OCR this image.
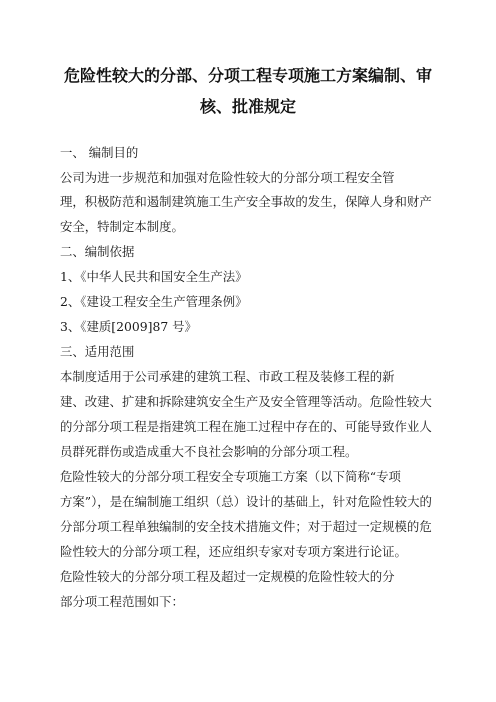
危险性较大的分部、分项工程专项施工方案编制、审
核、批准规定
一、 编制目的
公司为进一步规范和加强对危险性较大的分部分项工程安全管
理，积极防范和遏制建筑施工生产安全事故的发生，保障人身和财产
安全，特制定本制度。
二、编制依据
1、《中华人民共和国安全生产法》
2、《建设工程安全生产管理条例》
3、《建质[2009]87 号》
三、适用范围
本制度适用于公司承建的建筑工程、市政工程及装修工程的新
建、改建、扩建和拆除建筑安全生产及安全管理等活动。危险性较大
的分部分项工程是指建筑工程在施工过程中存在的、可能导致作业人
员群死群伤或造成重大不良社会影响的分部分项工程。
危险性较大的分部分项工程安全专项施工方案（以下简称“专项
方案”），是在编制施工组织（总）设计的基础上，针对危险性较大的
分部分项工程单独编制的安全技术措施文件；对于超过一定规模的危
险性较大的分部分项工程，还应组织专家对专项方案进行论证。
危险性较大的分部分项工程及超过一定规模的危险性较大的分
部分项工程范围如下：
